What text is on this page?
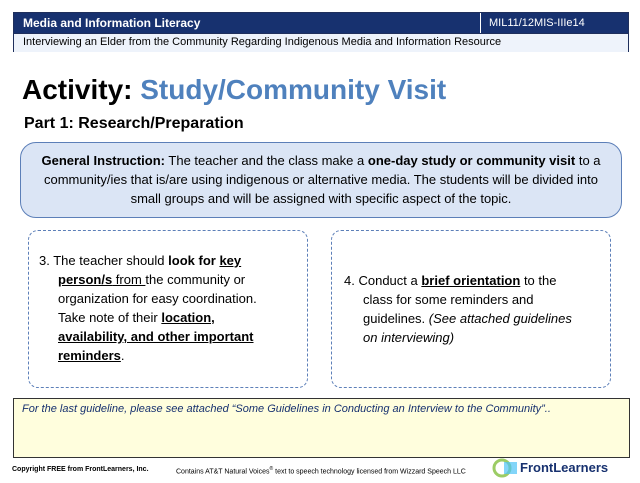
Media and Information Literacy	MIL11/12MIS-IIIe14
Interviewing an Elder from the Community Regarding Indigenous Media and Information Resource
Activity: Study/Community Visit
Part 1: Research/Preparation
General Instruction: The teacher and the class make a one-day study or community visit to a community/ies that is/are using indigenous or alternative media. The students will be divided into small groups and will be assigned with specific aspect of the topic.
3. The teacher should look for key
person/s from the community or
organization for easy coordination.
Take note of their location,
availability, and other important
reminders.
4. Conduct a brief orientation to the
class for some reminders and
guidelines. (See attached guidelines
on interviewing)
For the last guideline, please see attached “Some Guidelines in Conducting an Interview to the Community”..
Copyright FREE from FrontLearners, Inc.	Contains AT&T Natural Voices® text to speech technology licensed from Wizzard Speech LLC	FrontLearners
